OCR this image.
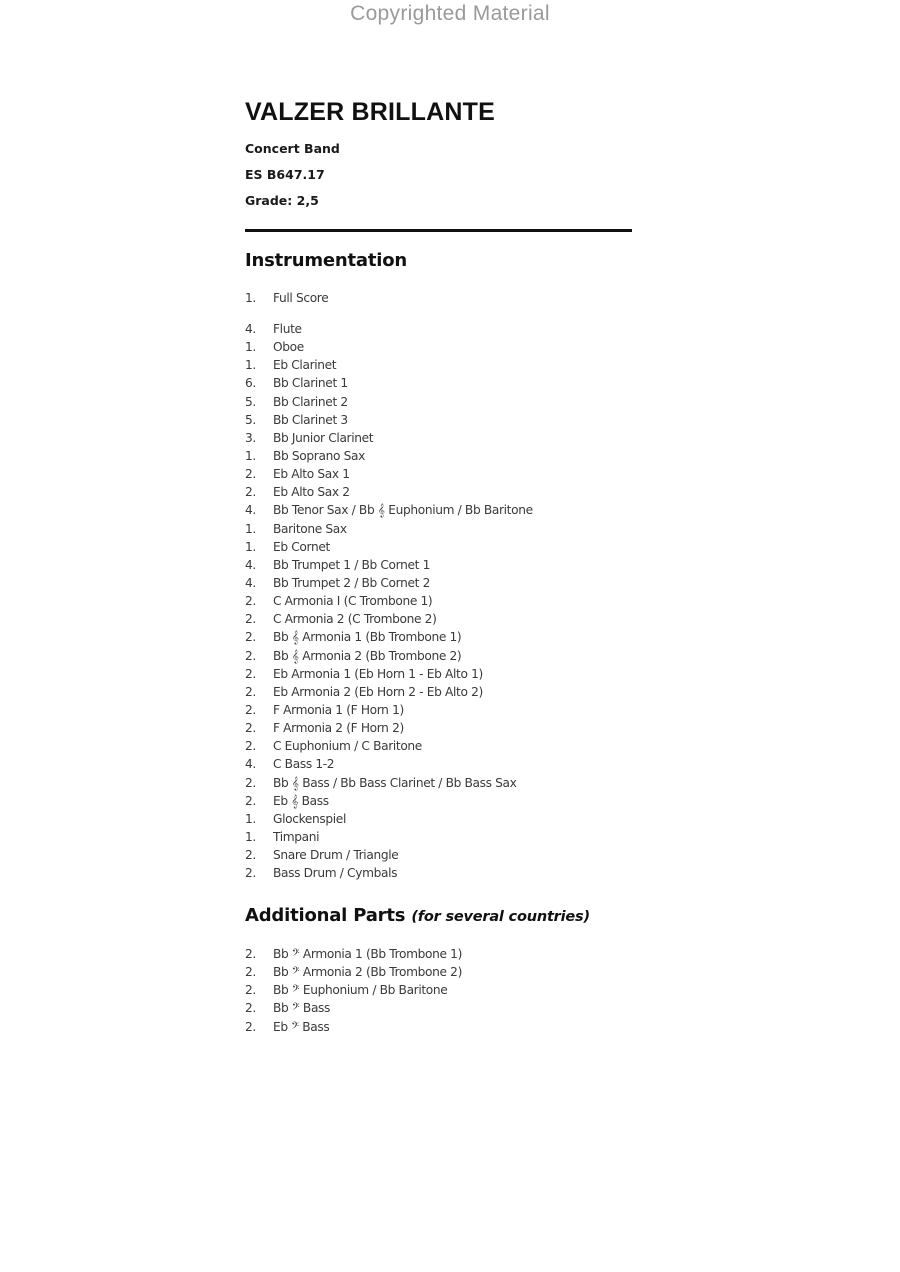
Copyrighted Material
VALZER BRILLANTE
Concert Band
ES B647.17
Grade: 2,5
Instrumentation
1.	Full Score
4.	Flute
1.	Oboe
1.	Eb Clarinet
6.	Bb Clarinet 1
5.	Bb Clarinet 2
5.	Bb Clarinet 3
3.	Bb Junior Clarinet
1.	Bb Soprano Sax
2.	Eb Alto Sax 1
2.	Eb Alto Sax 2
4.	Bb Tenor Sax / Bb 𝄞 Euphonium / Bb Baritone
1.	Baritone Sax
1.	Eb Cornet
4.	Bb Trumpet 1 / Bb Cornet 1
4.	Bb Trumpet 2 / Bb Cornet 2
2.	C Armonia I (C Trombone 1)
2.	C Armonia 2 (C Trombone 2)
2.	Bb 𝄞 Armonia 1 (Bb Trombone 1)
2.	Bb 𝄞 Armonia 2 (Bb Trombone 2)
2.	Eb Armonia 1 (Eb Horn 1 - Eb Alto 1)
2.	Eb Armonia 2 (Eb Horn 2 - Eb Alto 2)
2.	F Armonia 1 (F Horn 1)
2.	F Armonia 2 (F Horn 2)
2.	C Euphonium / C Baritone
4.	C Bass 1-2
2.	Bb 𝄞 Bass / Bb Bass Clarinet / Bb Bass Sax
2.	Eb 𝄞 Bass
1.	Glockenspiel
1.	Timpani
2.	Snare Drum / Triangle
2.	Bass Drum / Cymbals
Additional Parts (for several countries)
2.	Bb 𝄢 Armonia 1 (Bb Trombone 1)
2.	Bb 𝄢 Armonia 2 (Bb Trombone 2)
2.	Bb 𝄢 Euphonium / Bb Baritone
2.	Bb 𝄢 Bass
2.	Eb 𝄢 Bass
